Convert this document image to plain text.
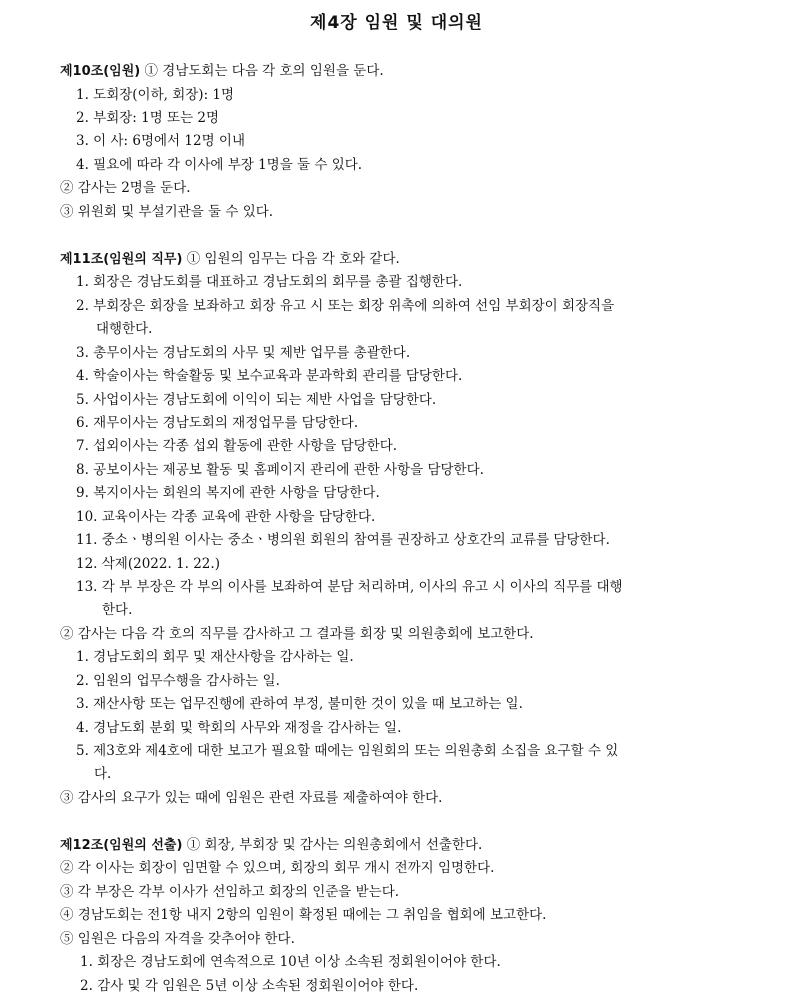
제4장 임원 및 대의원
제10조(임원) ① 경남도회는 다음 각 호의 임원을 둔다.
1. 도회장(이하, 회장): 1명
2. 부회장: 1명 또는 2명
3. 이 사: 6명에서 12명 이내
4. 필요에 따라 각 이사에 부장 1명을 둘 수 있다.
② 감사는 2명을 둔다.
③ 위원회 및 부설기관을 둘 수 있다.
제11조(임원의 직무) ① 임원의 임무는 다음 각 호와 같다.
1. 회장은 경남도회를 대표하고 경남도회의 회무를 총괄 집행한다.
2. 부회장은 회장을 보좌하고 회장 유고 시 또는 회장 위촉에 의하여 선임 부회장이 회장직을
대행한다.
3. 총무이사는 경남도회의 사무 및 제반 업무를 총괄한다.
4. 학술이사는 학술활동 및 보수교육과 분과학회 관리를 담당한다.
5. 사업이사는 경남도회에 이익이 되는 제반 사업을 담당한다.
6. 재무이사는 경남도회의 재정업무를 담당한다.
7. 섭외이사는 각종 섭외 활동에 관한 사항을 담당한다.
8. 공보이사는 제공보 활동 및 홈페이지 관리에 관한 사항을 담당한다.
9. 복지이사는 회원의 복지에 관한 사항을 담당한다.
10. 교육이사는 각종 교육에 관한 사항을 담당한다.
11. 중소ㆍ병의원 이사는 중소ㆍ병의원 회원의 참여를 권장하고 상호간의 교류를 담당한다.
12. 삭제(2022. 1. 22.)
13. 각 부 부장은 각 부의 이사를 보좌하여 분담 처리하며, 이사의 유고 시 이사의 직무를 대행
한다.
② 감사는 다음 각 호의 직무를 감사하고 그 결과를 회장 및 의원총회에 보고한다.
1. 경남도회의 회무 및 재산사항을 감사하는 일.
2. 임원의 업무수행을 감사하는 일.
3. 재산사항 또는 업무진행에 관하여 부정, 불미한 것이 있을 때 보고하는 일.
4. 경남도회 분회 및 학회의 사무와 재정을 감사하는 일.
5. 제3호와 제4호에 대한 보고가 필요할 때에는 임원회의 또는 의원총회 소집을 요구할 수 있
다.
③ 감사의 요구가 있는 때에 임원은 관련 자료를 제출하여야 한다.
제12조(임원의 선출) ① 회장, 부회장 및 감사는 의원총회에서 선출한다.
② 각 이사는 회장이 임면할 수 있으며, 회장의 회무 개시 전까지 임명한다.
③ 각 부장은 각부 이사가 선임하고 회장의 인준을 받는다.
④ 경남도회는 전1항 내지 2항의 임원이 확정된 때에는 그 취임을 협회에 보고한다.
⑤ 임원은 다음의 자격을 갖추어야 한다.
1. 회장은 경남도회에 연속적으로 10년 이상 소속된 정회원이어야 한다.
2. 감사 및 각 임원은 5년 이상 소속된 정회원이어야 한다.
